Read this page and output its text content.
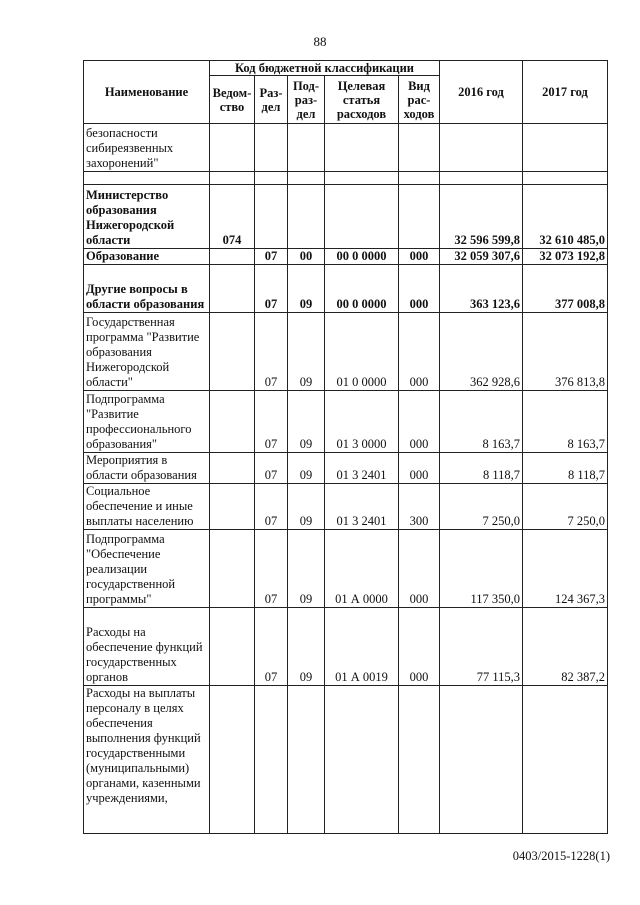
88
Наименование	Код бюджетной классификации					2016 год	2017 год
	Ведом-ство	Раз-дел	Под-раз-дел	Целевая статья расходов	Вид рас-ходов		
безопасности сибиреязвенных захоронений"							

Министерство образования Нижегородской области	074					32 596 599,8	32 610 485,0
Образование		07	00	00 0 0000	000	32 059 307,6	32 073 192,8
Другие вопросы в области образования		07	09	00 0 0000	000	363 123,6	377 008,8
Государственная программа "Развитие образования Нижегородской области"		07	09	01 0 0000	000	362 928,6	376 813,8
Подпрограмма "Развитие профессионального образования"		07	09	01 3 0000	000	8 163,7	8 163,7
Мероприятия в области образования		07	09	01 3 2401	000	8 118,7	8 118,7
Социальное обеспечение и иные выплаты населению		07	09	01 3 2401	300	7 250,0	7 250,0
Подпрограмма "Обеспечение реализации государственной программы"		07	09	01 А 0000	000	117 350,0	124 367,3
Расходы на обеспечение функций государственных органов		07	09	01 А 0019	000	77 115,3	82 387,2
Расходы на выплаты персоналу в целях обеспечения выполнения функций государственными (муниципальными) органами, казенными учреждениями,							
0403/2015-1228(1)
